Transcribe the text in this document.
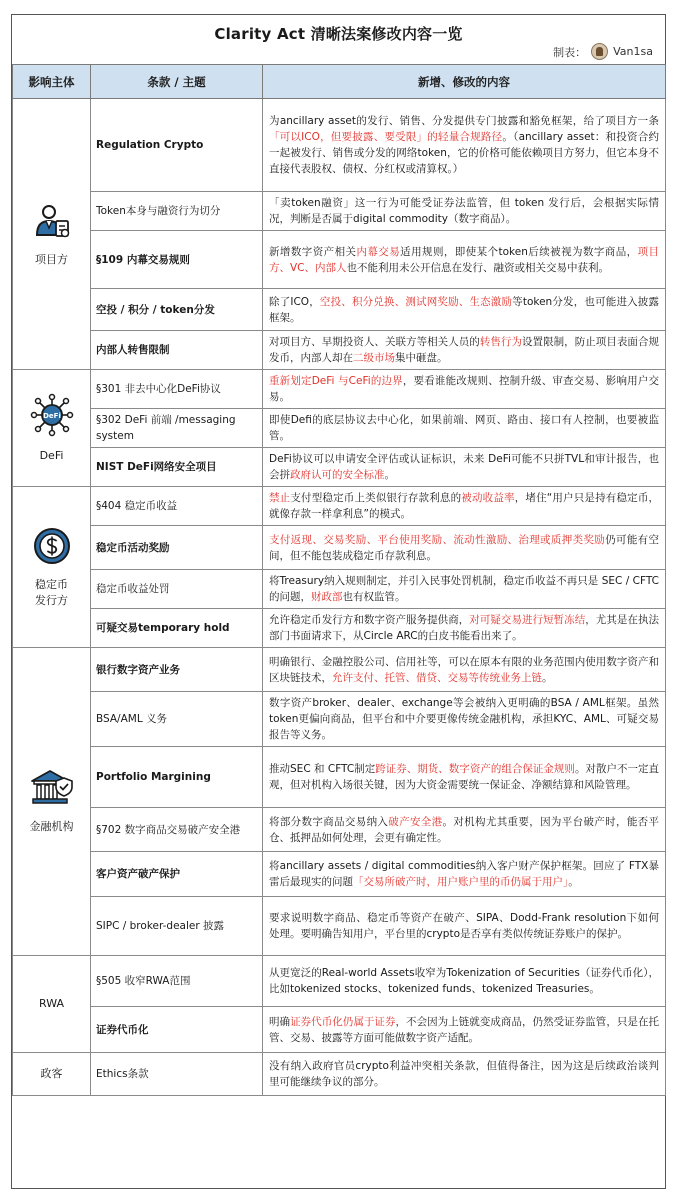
Clarity Act 清晰法案修改内容一览
制表： Van1sa
影响主体	条款 / 主题	新增、修改的内容

项目方	Regulation Crypto	为ancillary asset的发行、销售、分发提供专门披露和豁免框架，给了项目方一条「可以ICO，但要披露、要受限」的轻量合规路径。（ancillary asset：和投资合约一起被发行、销售或分发的网络token，它的价格可能依赖项目方努力，但它本身不直接代表股权、债权、分红权或清算权。）
	Token本身与融资行为切分	「卖token融资」这一行为可能受证券法监管，但 token 发行后，会根据实际情况，判断是否属于digital commodity（数字商品）。
	§109 内幕交易规则	新增数字资产相关内幕交易适用规则，即使某个token后续被视为数字商品，项目方、VC、内部人也不能利用未公开信息在发行、融资或相关交易中获利。
	空投 / 积分 / token分发	除了ICO，空投、积分兑换、测试网奖励、生态激励等token分发，也可能进入披露框架。
	内部人转售限制	对项目方、早期投资人、关联方等相关人员的转售行为设置限制，防止项目表面合规发币，内部人却在二级市场集中砸盘。

DeFi
DeFi	§301 非去中心化DeFi协议	重新划定DeFi 与CeFi的边界，要看谁能改规则、控制升级、审查交易、影响用户交易。
	§302 DeFi 前端 /messaging system	即使Defi的底层协议去中心化，如果前端、网页、路由、接口有人控制，也要被监管。
	NIST DeFi网络安全项目	DeFi协议可以申请安全评估或认证标识，未来 DeFi可能不只拼TVL和审计报告，也会拼政府认可的安全标准。

稳定币
发行方	§404 稳定币收益	禁止支付型稳定币上类似银行存款利息的被动收益率，堵住“用户只是持有稳定币，就像存款一样拿利息”的模式。
	稳定币活动奖励	支付返现、交易奖励、平台使用奖励、流动性激励、治理或质押类奖励仍可能有空间，但不能包装成稳定币存款利息。
	稳定币收益处罚	将Treasury纳入规则制定，并引入民事处罚机制，稳定币收益不再只是 SEC / CFTC 的问题，财政部也有权监管。
	可疑交易temporary hold	允许稳定币发行方和数字资产服务提供商，对可疑交易进行短暂冻结，尤其是在执法部门书面请求下，从Circle ARC的白皮书能看出来了。

金融机构	银行数字资产业务	明确银行、金融控股公司、信用社等，可以在原本有限的业务范围内使用数字资产和区块链技术，允许支付、托管、借贷、交易等传统业务上链。
	BSA/AML 义务	数字资产broker、dealer、exchange等会被纳入更明确的BSA / AML框架。虽然token更偏向商品，但平台和中介要更像传统金融机构，承担KYC、AML、可疑交易报告等义务。
	Portfolio Margining	推动SEC 和 CFTC制定跨证券、期货、数字资产的组合保证金规则。对散户不一定直观，但对机构入场很关键，因为大资金需要统一保证金、净额结算和风险管理。
	§702 数字商品交易破产安全港	将部分数字商品交易纳入破产安全港。对机构尤其重要，因为平台破产时，能否平仓、抵押品如何处理，会更有确定性。
	客户资产破产保护	将ancillary assets / digital commodities纳入客户财产保护框架。回应了 FTX暴雷后最现实的问题「交易所破产时，用户账户里的币仍属于用户」。
	SIPC / broker-dealer 披露	要求说明数字商品、稳定币等资产在破产、SIPA、Dodd-Frank resolution下如何处理。要明确告知用户，平台里的crypto是否享有类似传统证券账户的保护。

RWA	§505 收窄RWA范围	从更宽泛的Real-world Assets收窄为Tokenization of Securities（证券代币化），比如tokenized stocks、tokenized funds、tokenized Treasuries。
	证券代币化	明确证券代币化仍属于证券，不会因为上链就变成商品，仍然受证券监管，只是在托管、交易、披露等方面可能做数字资产适配。

政客	Ethics条款	没有纳入政府官员crypto利益冲突相关条款，但值得备注，因为这是后续政治谈判里可能继续争议的部分。
